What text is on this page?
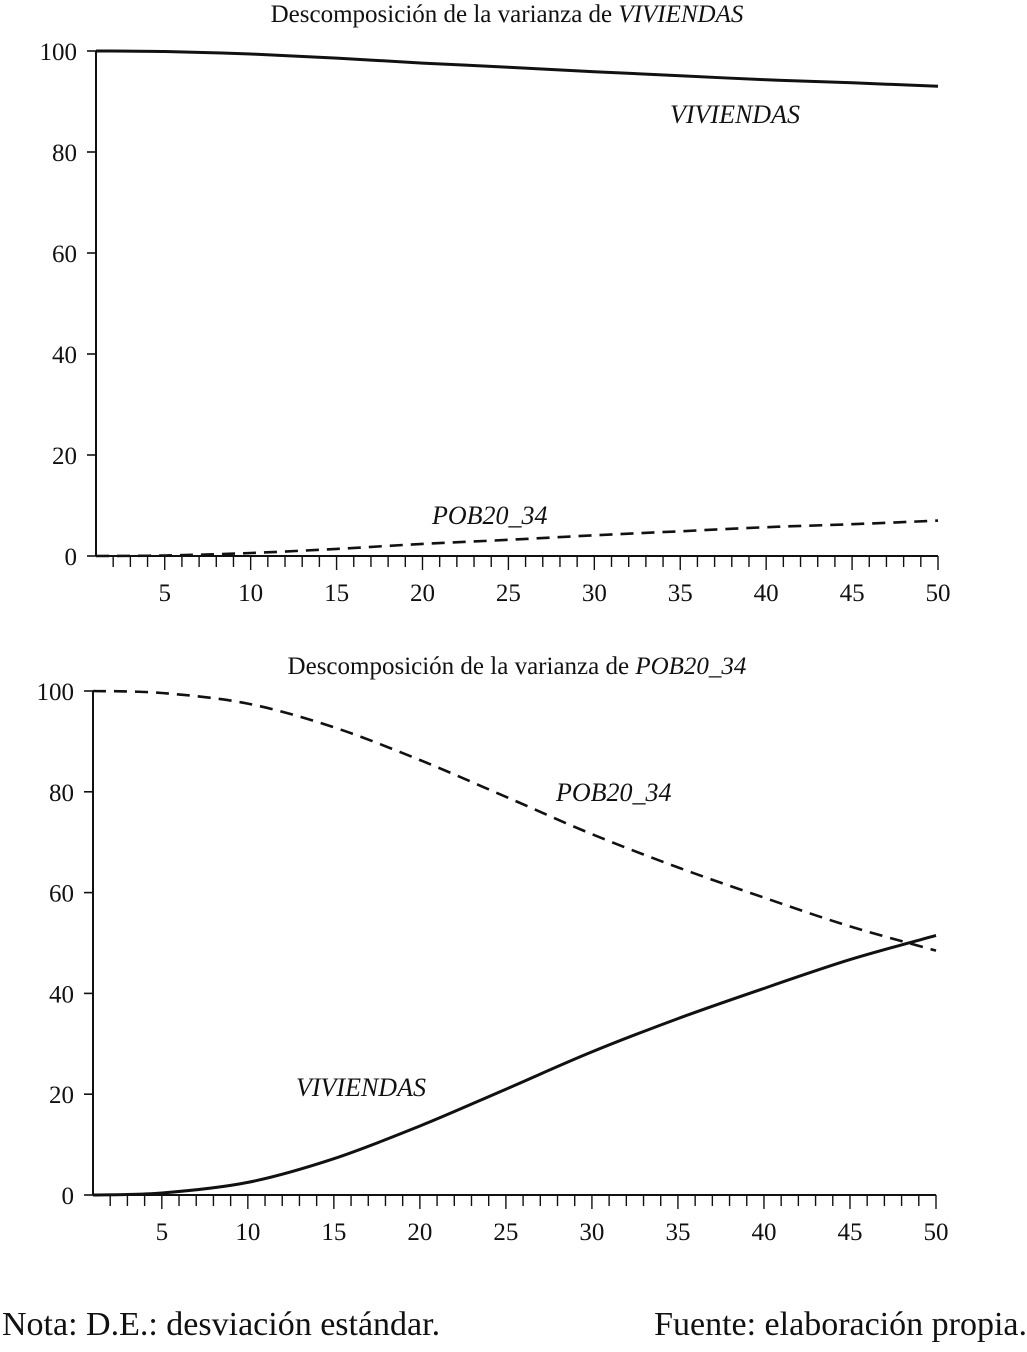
Descomposición de la varianza de VIVIENDAS
0
20
40
60
80
100
5	10 15 20 25 30 35 40 45 50
VIVIENDAS
POB20_34
Descomposición de la varianza de POB20_34
0
20
40
60
80
100
5	10 15 20 25 30 35 40 45 50
POB20_34
VIVIENDAS
Nota: D.E.: desviación estándar.	Fuente: elaboración propia.
